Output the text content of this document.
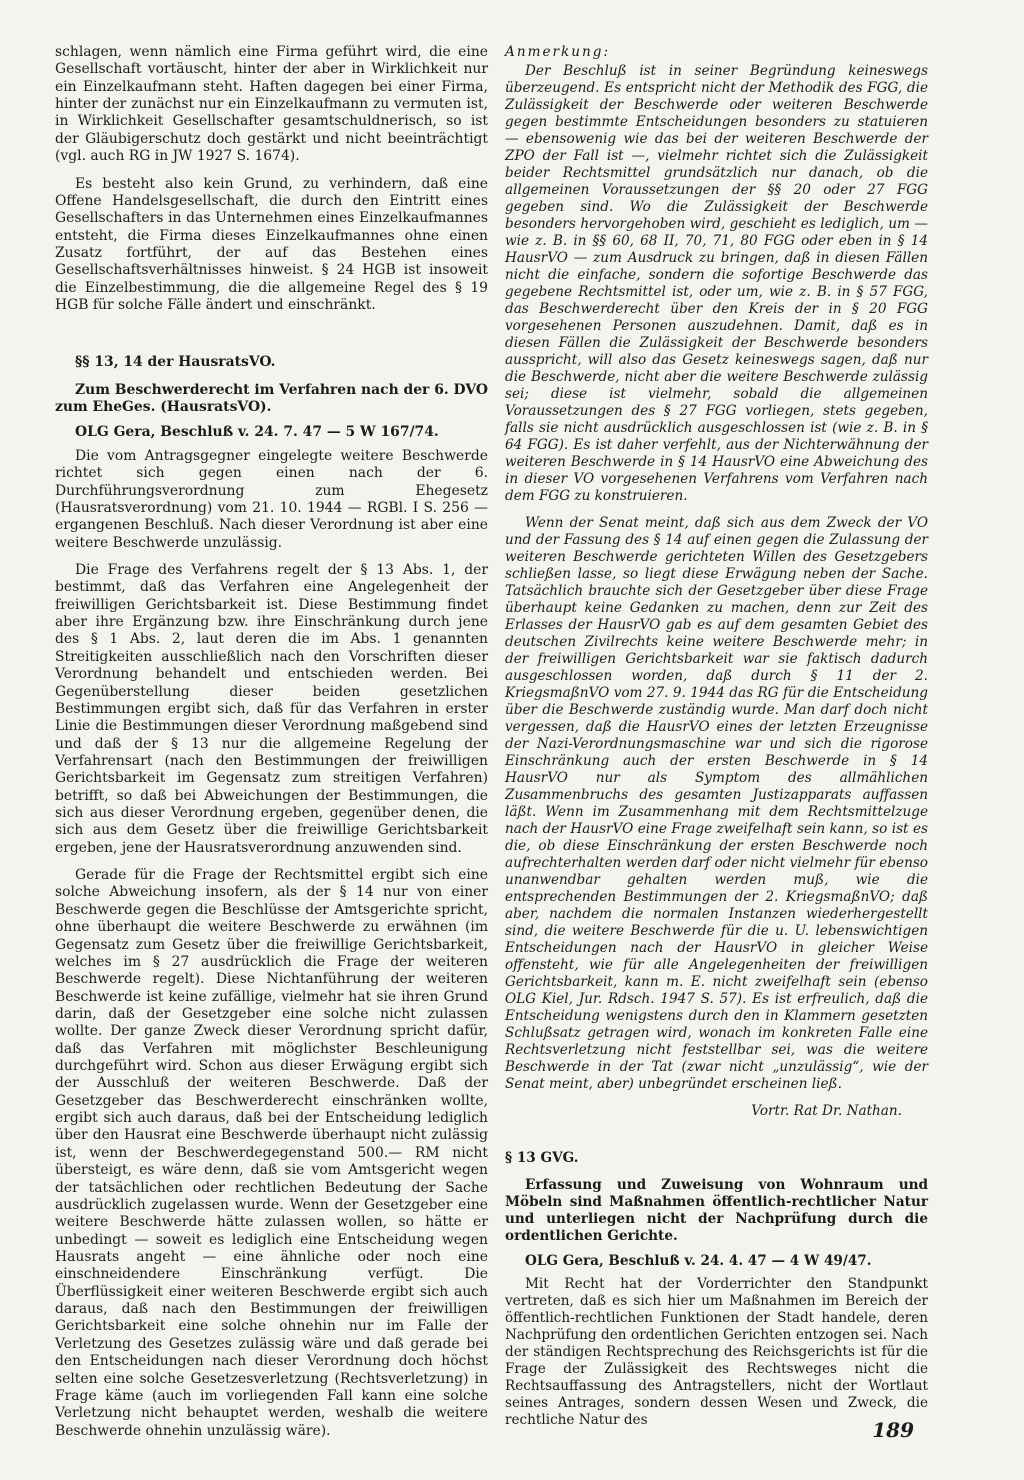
schlagen, wenn nämlich eine Firma geführt wird, die eine Gesellschaft vortäuscht, hinter der aber in Wirklichkeit nur ein Einzelkaufmann steht. Haften dagegen bei einer Firma, hinter der zunächst nur ein Einzelkaufmann zu vermuten ist, in Wirklichkeit Gesellschafter gesamtschuldnerisch, so ist der Gläubigerschutz doch gestärkt und nicht beeinträchtigt (vgl. auch RG in JW 1927 S. 1674).

Es besteht also kein Grund, zu verhindern, daß eine Offene Handelsgesellschaft, die durch den Eintritt eines Gesellschafters in das Unternehmen eines Einzelkaufmannes entsteht, die Firma dieses Einzelkaufmannes ohne einen Zusatz fortführt, der auf das Bestehen eines Gesellschaftsverhältnisses hinweist. § 24 HGB ist insoweit die Einzelbestimmung, die die allgemeine Regel des § 19 HGB für solche Fälle ändert und einschränkt.

§§ 13, 14 der HausratsVO.

Zum Beschwerderecht im Verfahren nach der 6. DVO zum EheGes. (HausratsVO).

OLG Gera, Beschluß v. 24. 7. 47 — 5 W 167/74.

Die vom Antragsgegner eingelegte weitere Beschwerde richtet sich gegen einen nach der 6. Durchführungsverordnung zum Ehegesetz (Hausratsverordnung) vom 21. 10. 1944 — RGBl. I S. 256 — ergangenen Beschluß. Nach dieser Verordnung ist aber eine weitere Beschwerde unzulässig.

Die Frage des Verfahrens regelt der § 13 Abs. 1, der bestimmt, daß das Verfahren eine Angelegenheit der freiwilligen Gerichtsbarkeit ist. Diese Bestimmung findet aber ihre Ergänzung bzw. ihre Einschränkung durch jene des § 1 Abs. 2, laut deren die im Abs. 1 genannten Streitigkeiten ausschließlich nach den Vorschriften dieser Verordnung behandelt und entschieden werden. Bei Gegenüberstellung dieser beiden gesetzlichen Bestimmungen ergibt sich, daß für das Verfahren in erster Linie die Bestimmungen dieser Verordnung maßgebend sind und daß der § 13 nur die allgemeine Regelung der Verfahrensart (nach den Bestimmungen der freiwilligen Gerichtsbarkeit im Gegensatz zum streitigen Verfahren) betrifft, so daß bei Abweichungen der Bestimmungen, die sich aus dieser Verordnung ergeben, gegenüber denen, die sich aus dem Gesetz über die freiwillige Gerichtsbarkeit ergeben, jene der Hausratsverordnung anzuwenden sind.

Gerade für die Frage der Rechtsmittel ergibt sich eine solche Abweichung insofern, als der § 14 nur von einer Beschwerde gegen die Beschlüsse der Amtsgerichte spricht, ohne überhaupt die weitere Beschwerde zu erwähnen (im Gegensatz zum Gesetz über die freiwillige Gerichtsbarkeit, welches im § 27 ausdrücklich die Frage der weiteren Beschwerde regelt). Diese Nichtanführung der weiteren Beschwerde ist keine zufällige, vielmehr hat sie ihren Grund darin, daß der Gesetzgeber eine solche nicht zulassen wollte. Der ganze Zweck dieser Verordnung spricht dafür, daß das Verfahren mit möglichster Beschleunigung durchgeführt wird. Schon aus dieser Erwägung ergibt sich der Ausschluß der weiteren Beschwerde. Daß der Gesetzgeber das Beschwerderecht einschränken wollte, ergibt sich auch daraus, daß bei der Entscheidung lediglich über den Hausrat eine Beschwerde überhaupt nicht zulässig ist, wenn der Beschwerdegegenstand 500.— RM nicht übersteigt, es wäre denn, daß sie vom Amtsgericht wegen der tatsächlichen oder rechtlichen Bedeutung der Sache ausdrücklich zugelassen wurde. Wenn der Gesetzgeber eine weitere Beschwerde hätte zulassen wollen, so hätte er unbedingt — soweit es lediglich eine Entscheidung wegen Hausrats angeht — eine ähnliche oder noch eine einschneidendere Einschränkung verfügt. Die Überflüssigkeit einer weiteren Beschwerde ergibt sich auch daraus, daß nach den Bestimmungen der freiwilligen Gerichtsbarkeit eine solche ohnehin nur im Falle der Verletzung des Gesetzes zulässig wäre und daß gerade bei den Entscheidungen nach dieser Verordnung doch höchst selten eine solche Gesetzesverletzung (Rechtsverletzung) in Frage käme (auch im vorliegenden Fall kann eine solche Verletzung nicht behauptet werden, weshalb die weitere Beschwerde ohnehin unzulässig wäre).

Anmerkung:

Der Beschluß ist in seiner Begründung keineswegs überzeugend. Es entspricht nicht der Methodik des FGG, die Zulässigkeit der Beschwerde oder weiteren Beschwerde gegen bestimmte Entscheidungen besonders zu statuieren — ebensowenig wie das bei der weiteren Beschwerde der ZPO der Fall ist —, vielmehr richtet sich die Zulässigkeit beider Rechtsmittel grundsätzlich nur danach, ob die allgemeinen Voraussetzungen der §§ 20 oder 27 FGG gegeben sind. Wo die Zulässigkeit der Beschwerde besonders hervorgehoben wird, geschieht es lediglich, um — wie z. B. in §§ 60, 68 II, 70, 71, 80 FGG oder eben in § 14 HausrVO — zum Ausdruck zu bringen, daß in diesen Fällen nicht die einfache, sondern die sofortige Beschwerde das gegebene Rechtsmittel ist, oder um, wie z. B. in § 57 FGG, das Beschwerderecht über den Kreis der in § 20 FGG vorgesehenen Personen auszudehnen. Damit, daß es in diesen Fällen die Zulässigkeit der Beschwerde besonders ausspricht, will also das Gesetz keineswegs sagen, daß nur die Beschwerde, nicht aber die weitere Beschwerde zulässig sei; diese ist vielmehr, sobald die allgemeinen Voraussetzungen des § 27 FGG vorliegen, stets gegeben, falls sie nicht ausdrücklich ausgeschlossen ist (wie z. B. in § 64 FGG). Es ist daher verfehlt, aus der Nichterwähnung der weiteren Beschwerde in § 14 HausrVO eine Abweichung des in dieser VO vorgesehenen Verfahrens vom Verfahren nach dem FGG zu konstruieren.

Wenn der Senat meint, daß sich aus dem Zweck der VO und der Fassung des § 14 auf einen gegen die Zulassung der weiteren Beschwerde gerichteten Willen des Gesetzgebers schließen lasse, so liegt diese Erwägung neben der Sache. Tatsächlich brauchte sich der Gesetzgeber über diese Frage überhaupt keine Gedanken zu machen, denn zur Zeit des Erlasses der HausrVO gab es auf dem gesamten Gebiet des deutschen Zivilrechts keine weitere Beschwerde mehr; in der freiwilligen Gerichtsbarkeit war sie faktisch dadurch ausgeschlossen worden, daß durch § 11 der 2. KriegsmaßnVO vom 27. 9. 1944 das RG für die Entscheidung über die Beschwerde zuständig wurde. Man darf doch nicht vergessen, daß die HausrVO eines der letzten Erzeugnisse der Nazi-Verordnungsmaschine war und sich die rigorose Einschränkung auch der ersten Beschwerde in § 14 HausrVO nur als Symptom des allmählichen Zusammenbruchs des gesamten Justizapparats auffassen läßt. Wenn im Zusammenhang mit dem Rechtsmittelzuge nach der HausrVO eine Frage zweifelhaft sein kann, so ist es die, ob diese Einschränkung der ersten Beschwerde noch aufrechterhalten werden darf oder nicht vielmehr für ebenso unanwendbar gehalten werden muß, wie die entsprechenden Bestimmungen der 2. KriegsmaßnVO; daß aber, nachdem die normalen Instanzen wiederhergestellt sind, die weitere Beschwerde für die u. U. lebenswichtigen Entscheidungen nach der HausrVO in gleicher Weise offensteht, wie für alle Angelegenheiten der freiwilligen Gerichtsbarkeit, kann m. E. nicht zweifelhaft sein (ebenso OLG Kiel, Jur. Rdsch. 1947 S. 57). Es ist erfreulich, daß die Entscheidung wenigstens durch den in Klammern gesetzten Schlußsatz getragen wird, wonach im konkreten Falle eine Rechtsverletzung nicht feststellbar sei, was die weitere Beschwerde in der Tat (zwar nicht „unzulässig“, wie der Senat meint, aber) unbegründet erscheinen ließ.

Vortr. Rat Dr. Nathan.

§ 13 GVG.

Erfassung und Zuweisung von Wohnraum und Möbeln sind Maßnahmen öffentlich-rechtlicher Natur und unterliegen nicht der Nachprüfung durch die ordentlichen Gerichte.

OLG Gera, Beschluß v. 24. 4. 47 — 4 W 49/47.

Mit Recht hat der Vorderrichter den Standpunkt vertreten, daß es sich hier um Maßnahmen im Bereich der öffentlich-rechtlichen Funktionen der Stadt handele, deren Nachprüfung den ordentlichen Gerichten entzogen sei. Nach der ständigen Rechtsprechung des Reichsgerichts ist für die Frage der Zulässigkeit des Rechtsweges nicht die Rechtsauffassung des Antragstellers, nicht der Wortlaut seines Antrages, sondern dessen Wesen und Zweck, die rechtliche Natur des	189
